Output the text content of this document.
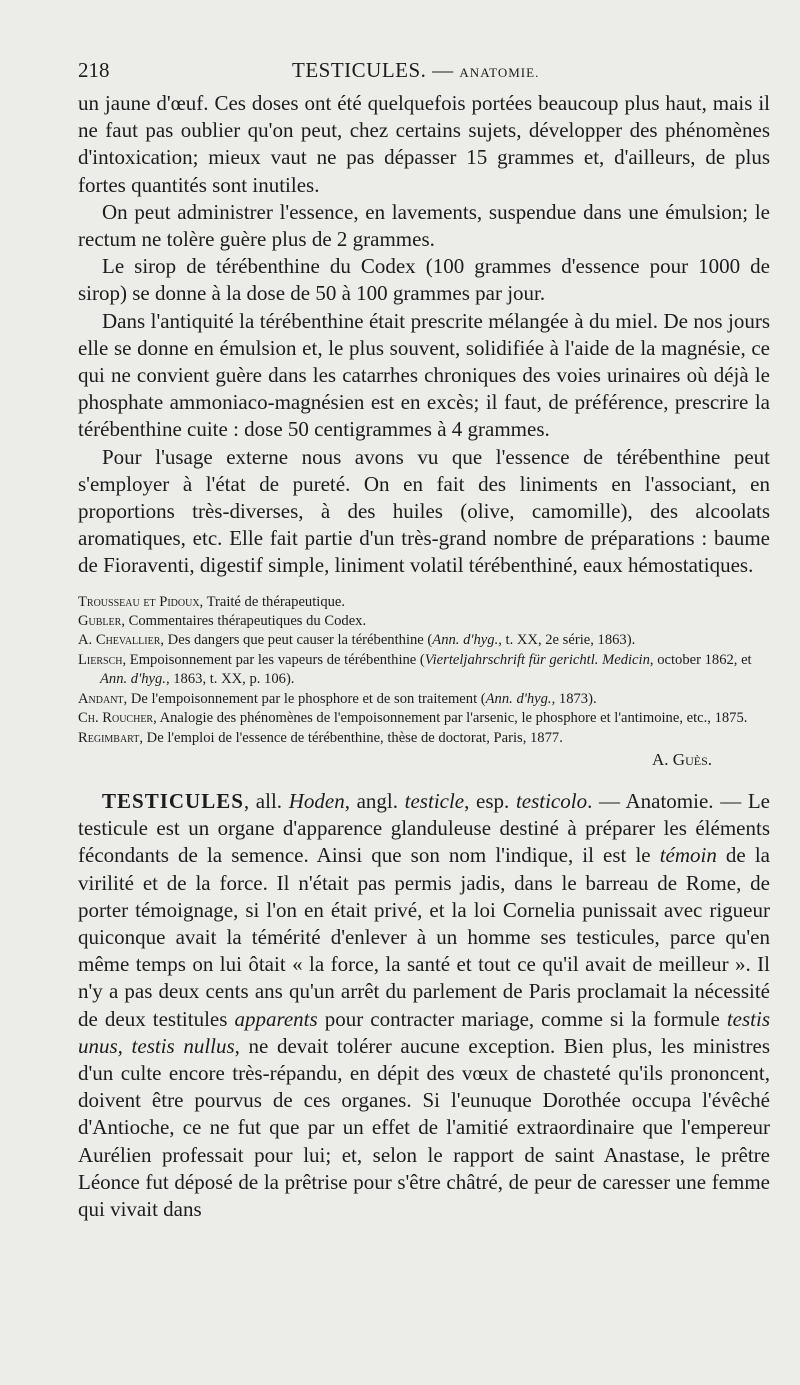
218	TESTICULES. — ANATOMIE.

un jaune d'œuf. Ces doses ont été quelquefois portées beaucoup plus haut, mais il ne faut pas oublier qu'on peut, chez certains sujets, développer des phénomènes d'intoxication; mieux vaut ne pas dépasser 15 grammes et, d'ailleurs, de plus fortes quantités sont inutiles.

On peut administrer l'essence, en lavements, suspendue dans une émulsion; le rectum ne tolère guère plus de 2 grammes.

Le sirop de térébenthine du Codex (100 grammes d'essence pour 1000 de sirop) se donne à la dose de 50 à 100 grammes par jour.

Dans l'antiquité la térébenthine était prescrite mélangée à du miel. De nos jours elle se donne en émulsion et, le plus souvent, solidifiée à l'aide de la magnésie, ce qui ne convient guère dans les catarrhes chroniques des voies urinaires où déjà le phosphate ammoniaco-magnésien est en excès; il faut, de préférence, prescrire la térébenthine cuite : dose 50 centigrammes à 4 grammes.

Pour l'usage externe nous avons vu que l'essence de térébenthine peut s'employer à l'état de pureté. On en fait des liniments en l'associant, en proportions très-diverses, à des huiles (olive, camomille), des alcoolats aromatiques, etc. Elle fait partie d'un très-grand nombre de préparations : baume de Fioraventi, digestif simple, liniment volatil térébenthiné, eaux hémostatiques.

Trousseau et Pidoux, Traité de thérapeutique.

Gubler, Commentaires thérapeutiques du Codex.

A. Chevallier, Des dangers que peut causer la térébenthine (Ann. d'hyg., t. XX, 2e série, 1863).

Liersch, Empoisonnement par les vapeurs de térébenthine (Vierteljahrschrift für gerichtl. Medicin, october 1862, et Ann. d'hyg., 1863, t. XX, p. 106).

Andant, De l'empoisonnement par le phosphore et de son traitement (Ann. d'hyg., 1873).

Ch. Roucher, Analogie des phénomènes de l'empoisonnement par l'arsenic, le phosphore et l'antimoine, etc., 1875.

Regimbart, De l'emploi de l'essence de térébenthine, thèse de doctorat, Paris, 1877.

A. Guès.

TESTICULES, all. Hoden, angl. testicle, esp. testicolo. — Anatomie. — Le testicule est un organe d'apparence glanduleuse destiné à préparer les éléments fécondants de la semence. Ainsi que son nom l'indique, il est le témoin de la virilité et de la force. Il n'était pas permis jadis, dans le barreau de Rome, de porter témoignage, si l'on en était privé, et la loi Cornelia punissait avec rigueur quiconque avait la témérité d'enlever à un homme ses testicules, parce qu'en même temps on lui ôtait « la force, la santé et tout ce qu'il avait de meilleur ». Il n'y a pas deux cents ans qu'un arrêt du parlement de Paris proclamait la nécessité de deux testitules apparents pour contracter mariage, comme si la formule testis unus, testis nullus, ne devait tolérer aucune exception. Bien plus, les ministres d'un culte encore très-répandu, en dépit des vœux de chasteté qu'ils prononcent, doivent être pourvus de ces organes. Si l'eunuque Dorothée occupa l'évêché d'Antioche, ce ne fut que par un effet de l'amitié extraordinaire que l'empereur Aurélien professait pour lui; et, selon le rapport de saint Anastase, le prêtre Léonce fut déposé de la prêtrise pour s'être châtré, de peur de caresser une femme qui vivait dans
